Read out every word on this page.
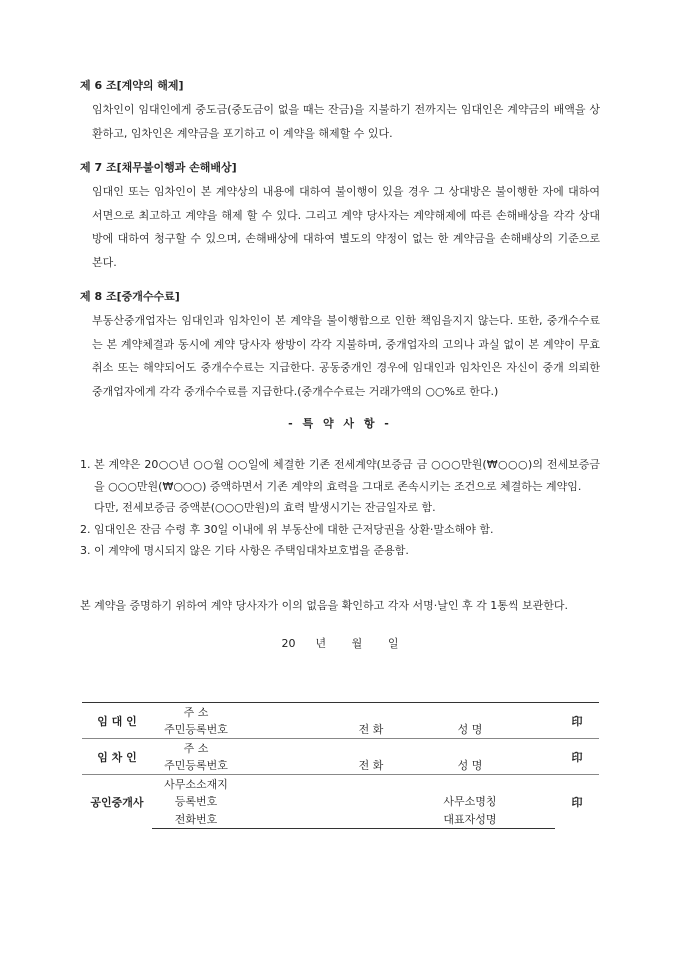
제 6 조[계약의 해제]

임차인이 임대인에게 중도금(중도금이 없을 때는 잔금)을 지불하기 전까지는 임대인은 계약금의 배액을 상환하고, 임차인은 계약금을 포기하고 이 계약을 해제할 수 있다.

제 7 조[채무불이행과 손해배상]

임대인 또는 임차인이 본 계약상의 내용에 대하여 불이행이 있을 경우 그 상대방은 불이행한 자에 대하여 서면으로 최고하고 계약을 해제 할 수 있다. 그리고 계약 당사자는 계약해제에 따른 손해배상을 각각 상대방에 대하여 청구할 수 있으며, 손해배상에 대하여 별도의 약정이 없는 한 계약금을 손해배상의 기준으로 본다.

제 8 조[중개수수료]

부동산중개업자는 임대인과 임차인이 본 계약을 불이행함으로 인한 책임을지지 않는다. 또한, 중개수수료는 본 계약체결과 동시에 계약 당사자 쌍방이 각각 지불하며, 중개업자의 고의나 과실 없이 본 계약이 무효취소 또는 해약되어도 중개수수료는 지급한다. 공동중개인 경우에 임대인과 임차인은 자신이 중개 의뢰한 중개업자에게 각각 중개수수료를 지급한다.(중개수수료는 거래가액의 ○○%로 한다.)

- 특 약 사 항 -

1. 본 계약은 20○○년 ○○월 ○○일에 체결한 기존 전세계약(보증금 금 ○○○만원(₩○○○)의 전세보증금을 ○○○만원(₩○○○) 증액하면서 기존 계약의 효력을 그대로 존속시키는 조건으로 체결하는 계약임.
다만, 전세보증금 증액분(○○○만원)의 효력 발생시기는 잔금일자로 함.
2. 임대인은 잔금 수령 후 30일 이내에 위 부동산에 대한 근저당권을 상환·말소해야 함.
3. 이 계약에 명시되지 않은 기타 사항은 주택임대차보호법을 준용함.

본 계약을 증명하기 위하여 계약 당사자가 이의 없음을 확인하고 각자 서명·날인 후 각 1통씩 보관한다.

20 년 월 일
임 대 인	주 소					印
	주민등록번호		전 화	성 명		
임 차 인	주 소					印
	주민등록번호		전 화	성 명		
공인중개사	사무소소재지					印
	등록번호			사무소명칭		
	전화번호			대표자성명		
